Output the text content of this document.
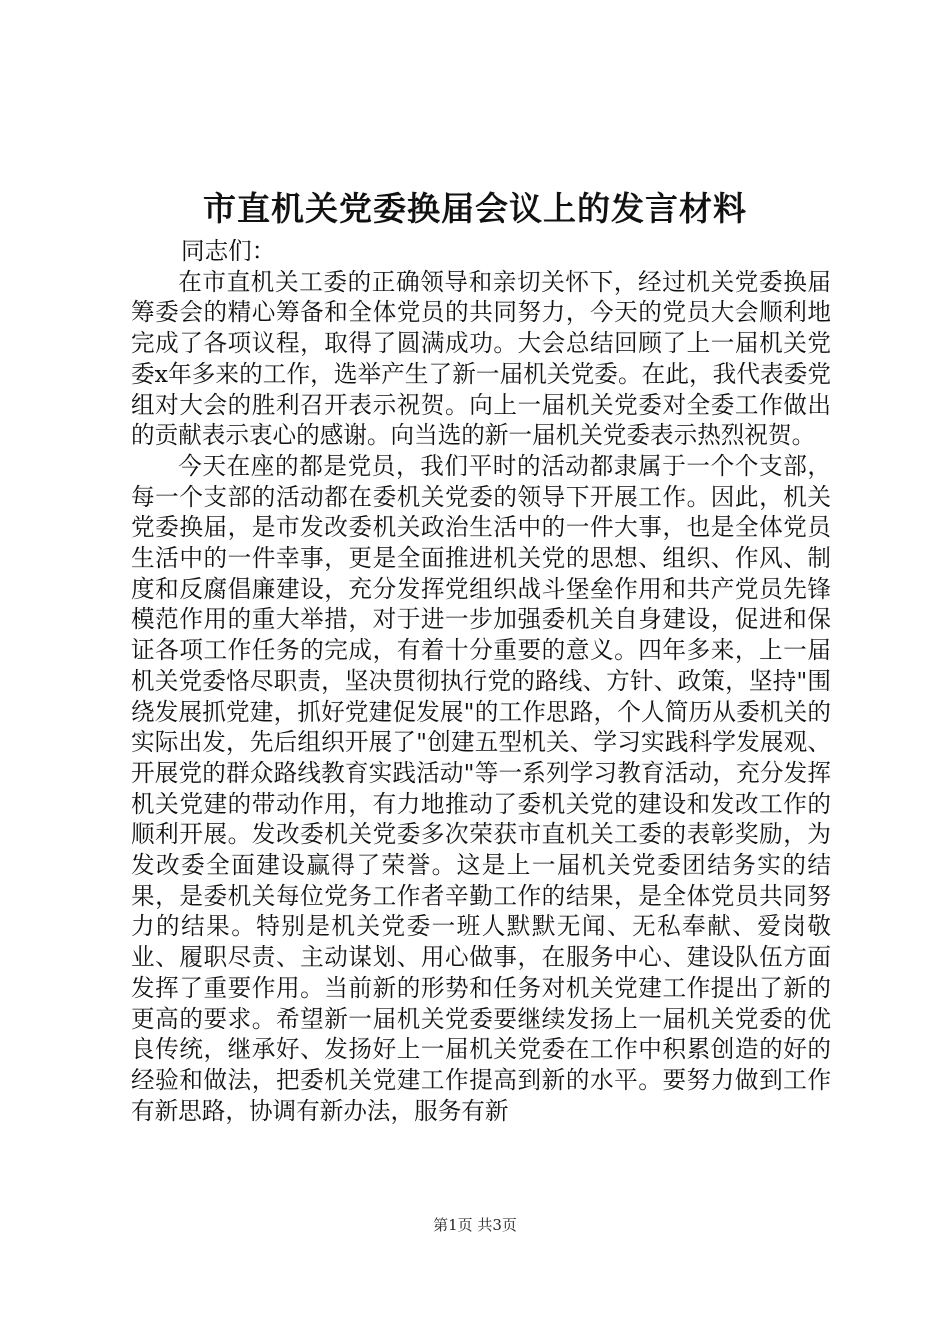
市直机关党委换届会议上的发言材料

同志们：

在市直机关工委的正确领导和亲切关怀下，经过机关党委换届筹委会的精心筹备和全体党员的共同努力，今天的党员大会顺利地完成了各项议程，取得了圆满成功。大会总结回顾了上一届机关党委x年多来的工作，选举产生了新一届机关党委。在此，我代表委党组对大会的胜利召开表示祝贺。向上一届机关党委对全委工作做出的贡献表示衷心的感谢。向当选的新一届机关党委表示热烈祝贺。

今天在座的都是党员，我们平时的活动都隶属于一个个支部，每一个支部的活动都在委机关党委的领导下开展工作。因此，机关党委换届，是市发改委机关政治生活中的一件大事，也是全体党员生活中的一件幸事，更是全面推进机关党的思想、组织、作风、制度和反腐倡廉建设，充分发挥党组织战斗堡垒作用和共产党员先锋模范作用的重大举措，对于进一步加强委机关自身建设，促进和保证各项工作任务的完成，有着十分重要的意义。四年多来，上一届机关党委恪尽职责，坚决贯彻执行党的路线、方针、政策，坚持"围绕发展抓党建，抓好党建促发展"的工作思路，个人简历从委机关的实际出发，先后组织开展了"创建五型机关、学习实践科学发展观、开展党的群众路线教育实践活动"等一系列学习教育活动，充分发挥机关党建的带动作用，有力地推动了委机关党的建设和发改工作的顺利开展。发改委机关党委多次荣获市直机关工委的表彰奖励，为发改委全面建设赢得了荣誉。这是上一届机关党委团结务实的结果，是委机关每位党务工作者辛勤工作的结果，是全体党员共同努力的结果。特别是机关党委一班人默默无闻、无私奉献、爱岗敬业、履职尽责、主动谋划、用心做事，在服务中心、建设队伍方面发挥了重要作用。当前新的形势和任务对机关党建工作提出了新的更高的要求。希望新一届机关党委要继续发扬上一届机关党委的优良传统，继承好、发扬好上一届机关党委在工作中积累创造的好的经验和做法，把委机关党建工作提高到新的水平。要努力做到工作有新思路，协调有新办法，服务有新

第1页 共3页
